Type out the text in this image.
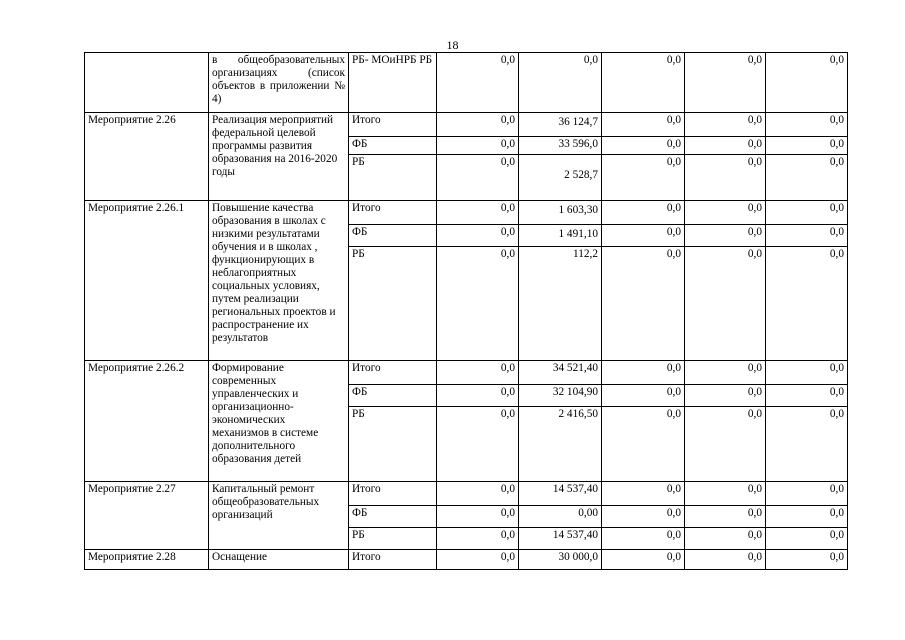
18
	в общеобразовательных организациях (список объектов в приложении № 4)	РБ- МОиНРБ РБ	0,0	0,0	0,0	0,0	0,0
Мероприятие 2.26	Реализация мероприятий федеральной целевой программы развития образования на 2016-2020 годы	Итого	0,0	36 124,7	0,0	0,0	0,0
		ФБ	0,0	33 596,0	0,0	0,0	0,0
		РБ	0,0	2 528,7	0,0	0,0	0,0
Мероприятие 2.26.1	Повышение качества образования в школах с низкими результатами обучения и в школах , функционирующих в неблагоприятных социальных условиях, путем реализации региональных проектов и распространение их результатов	Итого	0,0	1 603,30	0,0	0,0	0,0
		ФБ	0,0	1 491,10	0,0	0,0	0,0
		РБ	0,0	112,2	0,0	0,0	0,0
Мероприятие 2.26.2	Формирование современных управленческих и организационно-экономических механизмов в системе дополнительного образования детей	Итого	0,0	34 521,40	0,0	0,0	0,0
		ФБ	0,0	32 104,90	0,0	0,0	0,0
		РБ	0,0	2 416,50	0,0	0,0	0,0
Мероприятие 2.27	Капитальный ремонт общеобразовательных организаций	Итого	0,0	14 537,40	0,0	0,0	0,0
		ФБ	0,0	0,00	0,0	0,0	0,0
		РБ	0,0	14 537,40	0,0	0,0	0,0
Мероприятие 2.28	Оснащение	Итого	0,0	30 000,0	0,0	0,0	0,0
